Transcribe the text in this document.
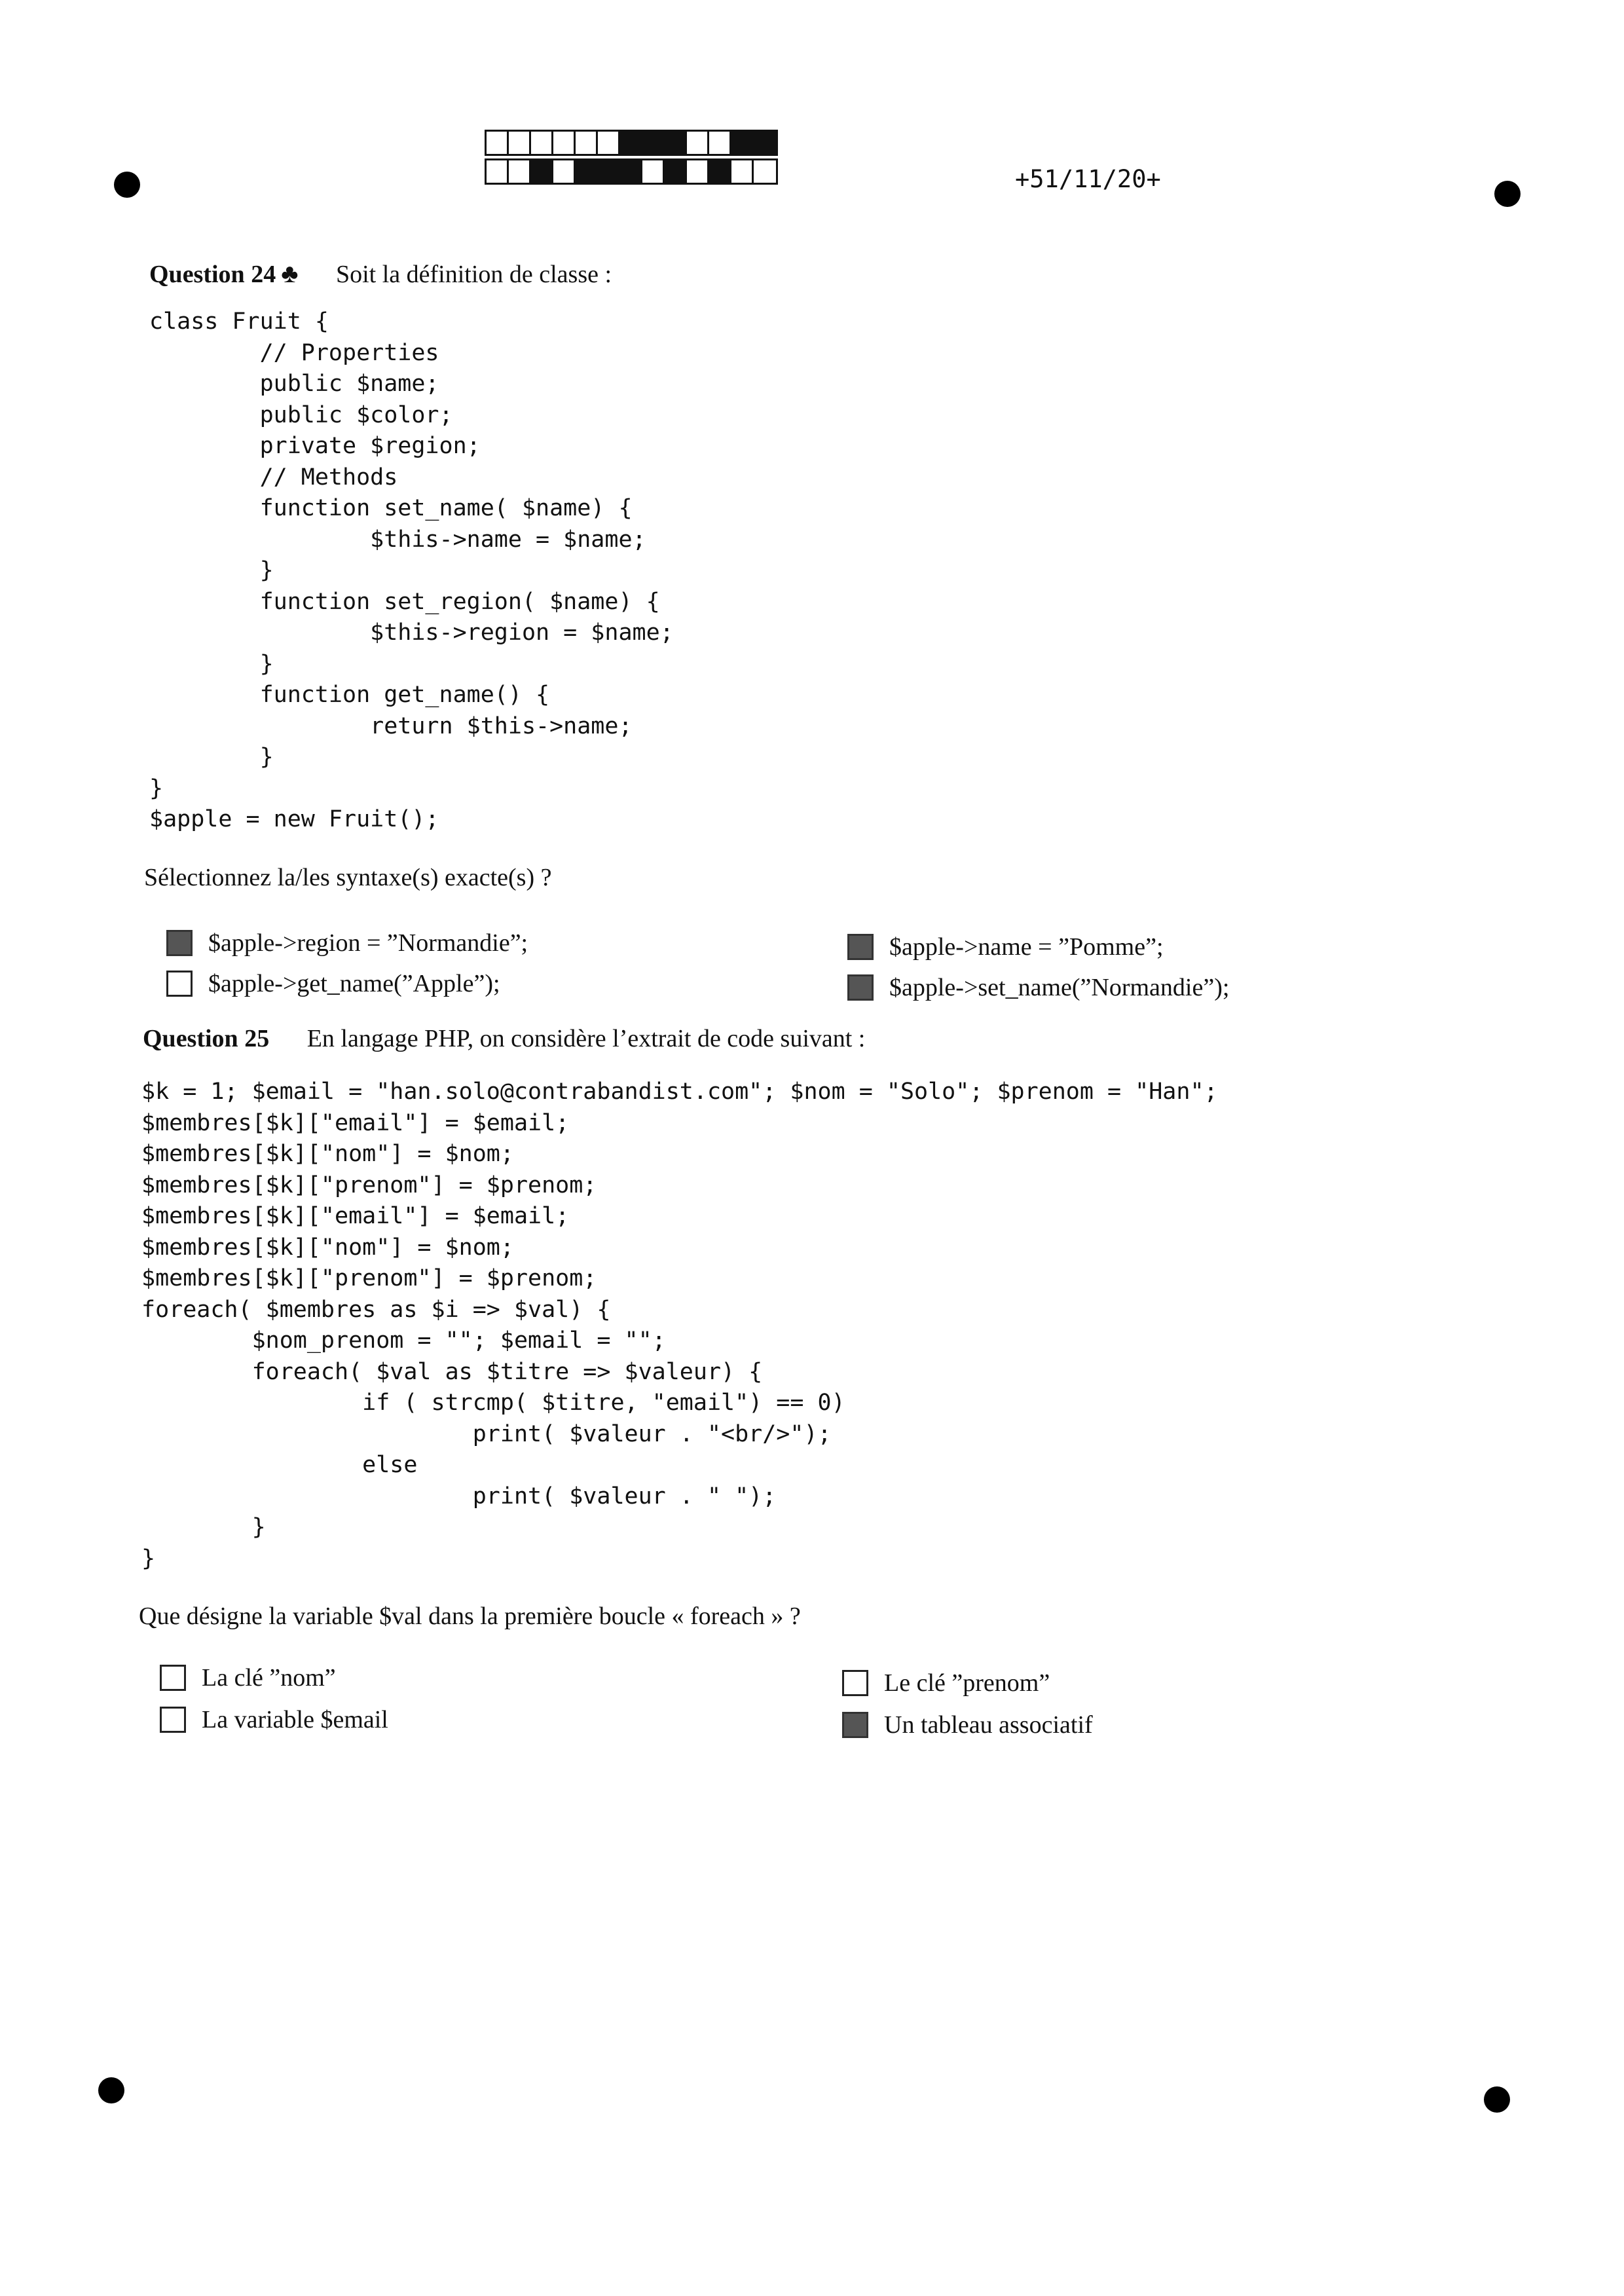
+51/11/20+
Question 24 ♣ Soit la définition de classe :
class Fruit {
// Properties
public $name;
public $color;
private $region;
// Methods
function set_name( $name) {
$this->name = $name;
}
function set_region( $name) {
$this->region = $name;
}
function get_name() {
return $this->name;
}
}
$apple = new Fruit();
Sélectionnez la/les syntaxe(s) exacte(s) ?
$apple->region = ”Normandie”;
$apple->get_name(”Apple”);
$apple->name = ”Pomme”;
$apple->set_name(”Normandie”);
Question 25 En langage PHP, on considère l’extrait de code suivant :
$k = 1; $email = "han.solo@contrabandist.com"; $nom = "Solo"; $prenom = "Han";
$membres[$k]["email"] = $email;
$membres[$k]["nom"] = $nom;
$membres[$k]["prenom"] = $prenom;
$membres[$k]["email"] = $email;
$membres[$k]["nom"] = $nom;
$membres[$k]["prenom"] = $prenom;
foreach( $membres as $i => $val) {
$nom_prenom = ""; $email = "";
foreach( $val as $titre => $valeur) {
if ( strcmp( $titre, "email") == 0)
print( $valeur . "<br/>");
else
print( $valeur . " ");
}
}
Que désigne la variable $val dans la première boucle « foreach » ?
La clé ”nom”
La variable $email
Le clé ”prenom”
Un tableau associatif
